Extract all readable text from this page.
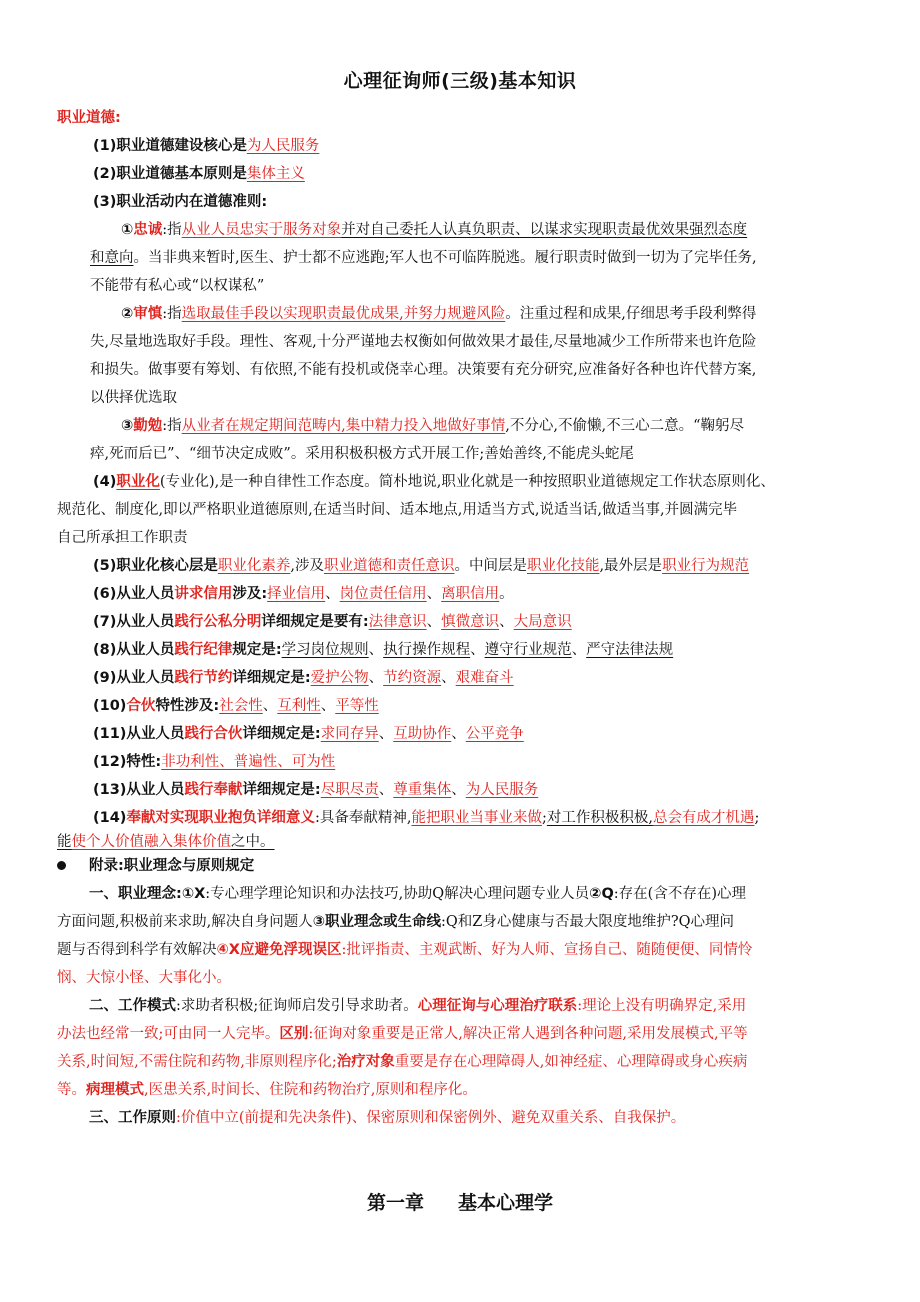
心理征询师(三级)基本知识
职业道德:
(1)职业道德建设核心是为人民服务
(2)职业道德基本原则是集体主义
(3)职业活动内在道德准则:
①忠诚:指从业人员忠实于服务对象并对自己委托人认真负职责、以谋求实现职责最优效果强烈态度
和意向。当非典来暂时,医生、护士都不应逃跑;军人也不可临阵脱逃。履行职责时做到一切为了完毕任务,
不能带有私心或“以权谋私”
②审慎:指选取最佳手段以实现职责最优成果,并努力规避风险。注重过程和成果,仔细思考手段利弊得
失,尽量地选取好手段。理性、客观,十分严谨地去权衡如何做效果才最佳,尽量地减少工作所带来也许危险
和损失。做事要有筹划、有依照,不能有投机或侥幸心理。决策要有充分研究,应准备好各种也许代替方案,
以供择优选取
③勤勉:指从业者在规定期间范畴内,集中精力投入地做好事情,不分心,不偷懒,不三心二意。“鞠躬尽
瘁,死而后已”、“细节决定成败”。采用积极积极方式开展工作;善始善终,不能虎头蛇尾
(4)职业化(专业化),是一种自律性工作态度。简朴地说,职业化就是一种按照职业道德规定工作状态原则化、
规范化、制度化,即以严格职业道德原则,在适当时间、适本地点,用适当方式,说适当话,做适当事,并圆满完毕
自己所承担工作职责
(5)职业化核心层是职业化素养,涉及职业道德和责任意识。中间层是职业化技能,最外层是职业行为规范
(6)从业人员讲求信用涉及:择业信用、岗位责任信用、离职信用。
(7)从业人员践行公私分明详细规定是要有:法律意识、慎微意识、大局意识
(8)从业人员践行纪律规定是:学习岗位规则、执行操作规程、遵守行业规范、严守法律法规
(9)从业人员践行节约详细规定是:爱护公物、节约资源、艰难奋斗
(10)合伙特性涉及:社会性、互利性、平等性
(11)从业人员践行合伙详细规定是:求同存异、互助协作、公平竞争
(12)特性:非功利性、普遍性、可为性
(13)从业人员践行奉献详细规定是:尽职尽责、尊重集体、为人民服务
(14)奉献对实现职业抱负详细意义:具备奉献精神,能把职业当事业来做;对工作积极积极,总会有成才机遇;
能使个人价值融入集体价值之中。
附录:职业理念与原则规定
一、职业理念:①X:专心理学理论知识和办法技巧,协助Q解决心理问题专业人员②Q:存在(含不存在)心理
方面问题,积极前来求助,解决自身问题人③职业理念或生命线:Q和Z身心健康与否最大限度地维护?Q心理问
题与否得到科学有效解决④X应避免浮现误区:批评指责、主观武断、好为人师、宣扬自己、随随便便、同情怜
悯、大惊小怪、大事化小。
二、工作模式:求助者积极;征询师启发引导求助者。心理征询与心理治疗联系:理论上没有明确界定,采用
办法也经常一致;可由同一人完毕。区别:征询对象重要是正常人,解决正常人遇到各种问题,采用发展模式,平等
关系,时间短,不需住院和药物,非原则程序化;治疗对象重要是存在心理障碍人,如神经症、心理障碍或身心疾病
等。病理模式,医患关系,时间长、住院和药物治疗,原则和程序化。
三、工作原则:价值中立(前提和先决条件)、保密原则和保密例外、避免双重关系、自我保护。
第一章 基本心理学
